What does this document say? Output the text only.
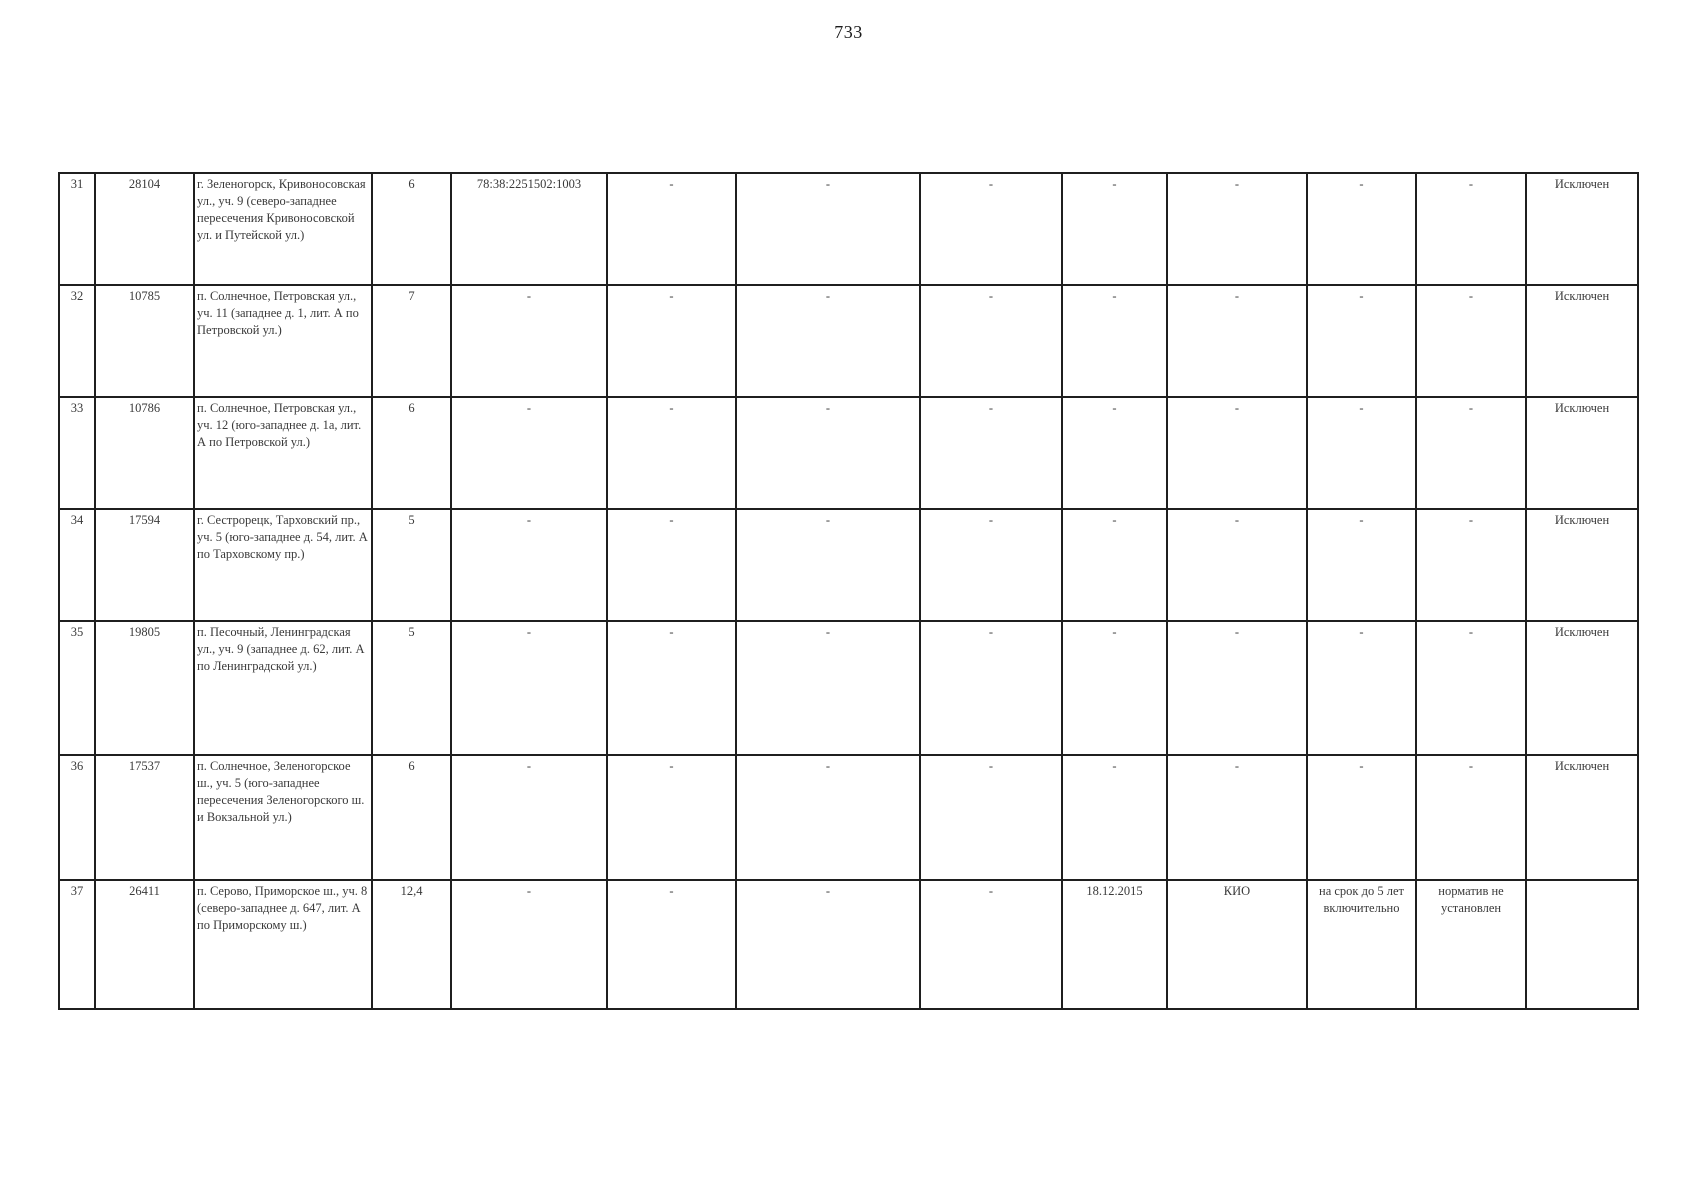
733
31	28104	г. Зеленогорск, Кривоносовская ул., уч. 9 (северо-западнее пересечения Кривоносовской ул. и Путейской ул.)	6	78:38:2251502:1003	-	-	-	-	-	-	-	Исключен
32	10785	п. Солнечное, Петровская ул., уч. 11 (западнее д. 1, лит. А по Петровской ул.)	7	-	-	-	-	-	-	-	-	Исключен
33	10786	п. Солнечное, Петровская ул., уч. 12 (юго-западнее д. 1а, лит. А по Петровской ул.)	6	-	-	-	-	-	-	-	-	Исключен
34	17594	г. Сестрорецк, Тарховский пр., уч. 5 (юго-западнее д. 54, лит. А по Тарховскому пр.)	5	-	-	-	-	-	-	-	-	Исключен
35	19805	п. Песочный, Ленинградская ул., уч. 9 (западнее д. 62, лит. А по Ленинградской ул.)	5	-	-	-	-	-	-	-	-	Исключен
36	17537	п. Солнечное, Зеленогорское ш., уч. 5 (юго-западнее пересечения Зеленогорского ш. и Вокзальной ул.)	6	-	-	-	-	-	-	-	-	Исключен
37	26411	п. Серово, Приморское ш., уч. 8 (северо-западнее д. 647, лит. А по Приморскому ш.)	12,4	-	-	-	-	18.12.2015	КИО	на срок до 5 лет включительно	норматив не установлен	
